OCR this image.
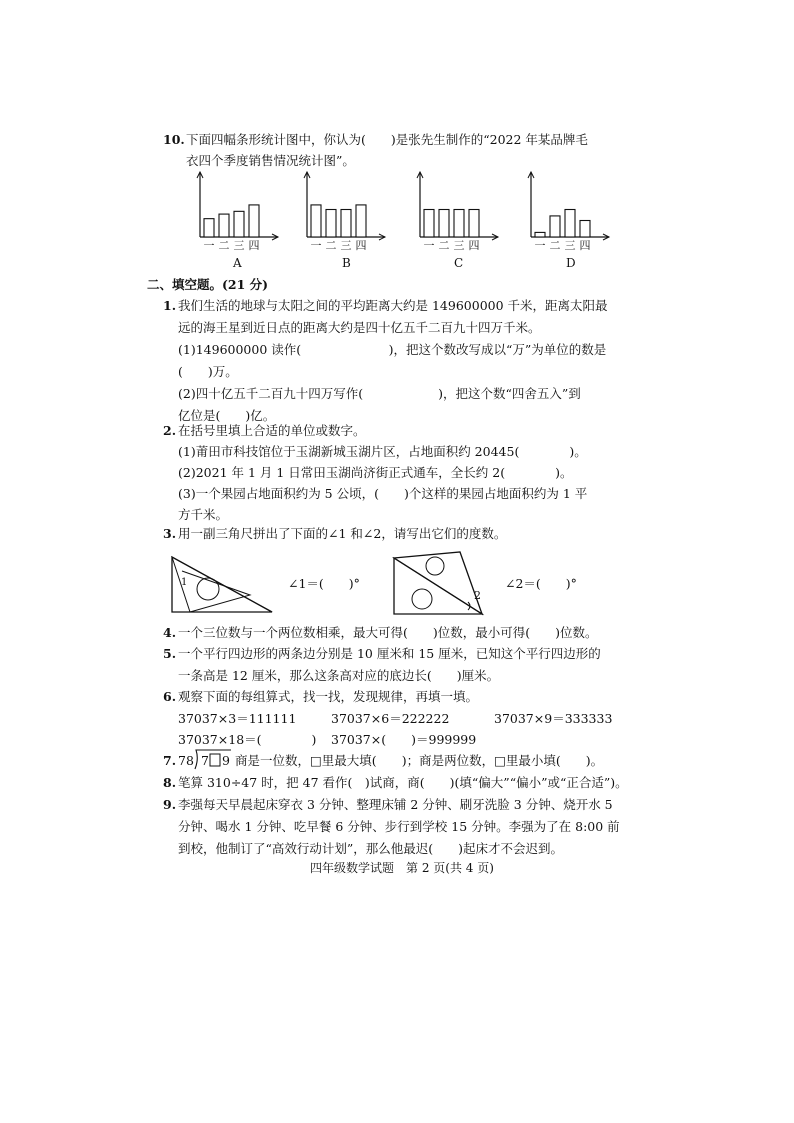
10. 下面四幅条形统计图中，你认为(　　)是张先生制作的“2022 年某品牌毛
衣四个季度销售情况统计图”。
一 二 三 四	一 二 三 四	一 二 三 四	一 二 三 四
A	B	C	D
二、填空题。(21 分)
1. 我们生活的地球与太阳之间的平均距离大约是 149600000 千米，距离太阳最
远的海王星到近日点的距离大约是四十亿五千二百九十四万千米。
(1)149600000 读作(　　　　　　　)，把这个数改写成以“万”为单位的数是
(　　)万。
(2)四十亿五千二百九十四万写作(　　　　　　)，把这个数“四舍五入”到
亿位是(　　)亿。
2. 在括号里填上合适的单位或数字。
(1)莆田市科技馆位于玉湖新城玉湖片区，占地面积约 20445(　　　　)。
(2)2021 年 1 月 1 日常田玉湖尚济街正式通车，全长约 2(　　　　)。
(3)一个果园占地面积约为 5 公顷，(　　)个这样的果园占地面积约为 1 平
方千米。
3. 用一副三角尺拼出了下面的∠1 和∠2，请写出它们的度数。
1	∠1＝(　　)°
2
∠2＝(　　)°
4. 一个三位数与一个两位数相乘，最大可得(　　)位数，最小可得(　　)位数。
5. 一个平行四边形的两条边分别是 10 厘米和 15 厘米，已知这个平行四边形的
一条高是 12 厘米，那么这条高对应的底边长(　　)厘米。
6. 观察下面的每组算式，找一找，发现规律，再填一填。
37037×3＝111111	37037×6＝222222	37037×9＝333333
37037×18＝(　　　　) 37037×(　　)＝999999
7. 78 7 9 商是一位数，□里最大填(　　)；商是两位数，□里最小填(　　)。
8. 笔算 310÷47 时，把 47 看作(　)试商，商(　　)(填“偏大”“偏小”或“正合适”)。
9. 李强每天早晨起床穿衣 3 分钟、整理床铺 2 分钟、刷牙洗脸 3 分钟、烧开水 5
分钟、喝水 1 分钟、吃早餐 6 分钟、步行到学校 15 分钟。李强为了在 8:00 前
到校，他制订了“高效行动计划”，那么他最迟(　　)起床才不会迟到。
四年级数学试题　第 2 页(共 4 页)
